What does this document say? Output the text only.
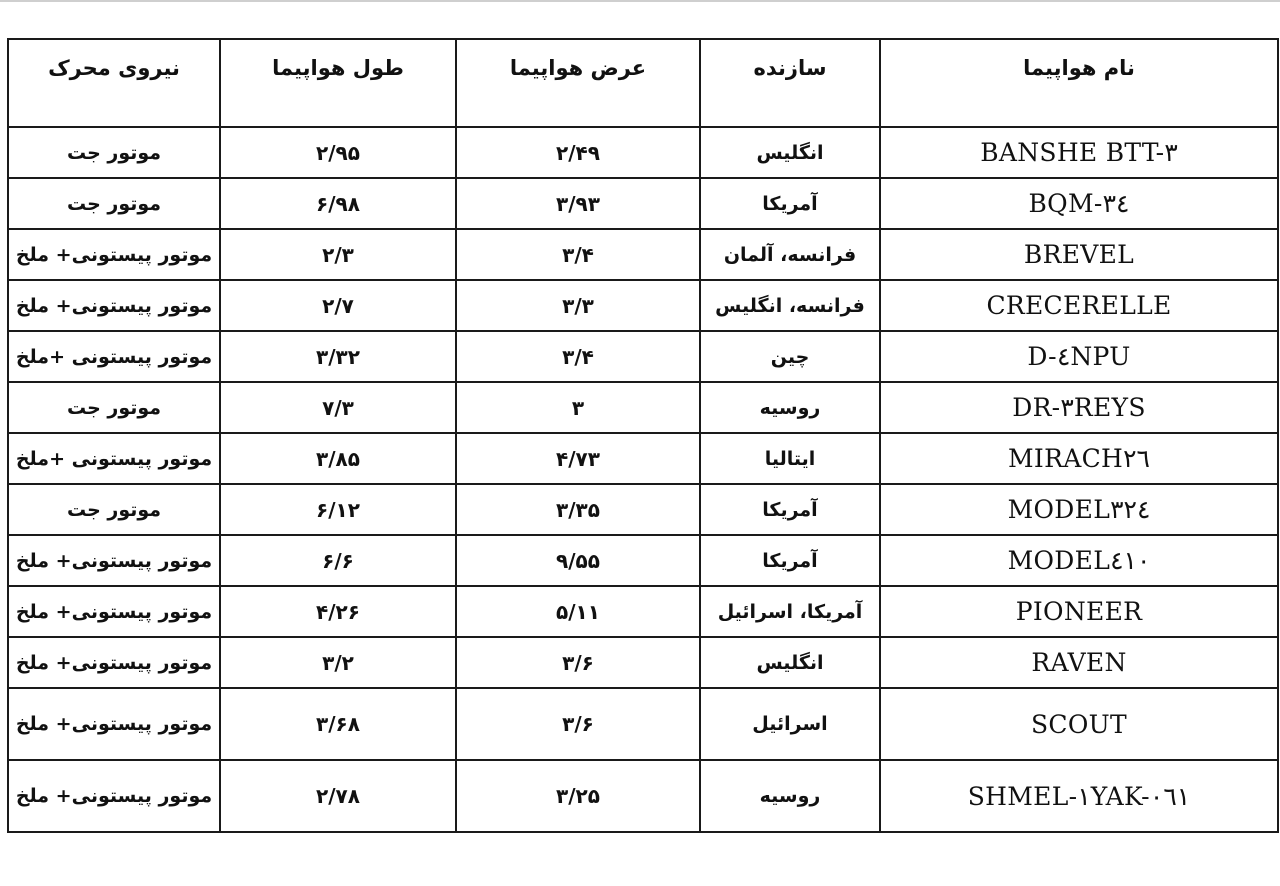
نیروی محرک	طول هواپیما	عرض هواپیما	سازنده	نام هواپیما
موتور جت	۲/۹۵	۲/۴۹	انگلیس	BANSHE BTT-۳
موتور جت	۶/۹۸	۳/۹۳	آمریکا	BQM-۳٤
موتور پیستونی+ ملخ	۲/۳	۳/۴	فرانسه، آلمان	BREVEL
موتور پیستونی+ ملخ	۲/۷	۳/۳	فرانسه، انگلیس	CRECERELLE
موتور پیستونی +ملخ	۳/۳۲	۳/۴	چین	D-٤NPU
موتور جت	۷/۳	۳	روسیه	DR-۳REYS
موتور پیستونی +ملخ	۳/۸۵	۴/۷۳	ایتالیا	MIRACH۲٦
موتور جت	۶/۱۲	۳/۳۵	آمریکا	MODEL۳۲٤
موتور پیستونی+ ملخ	۶/۶	۹/۵۵	آمریکا	MODEL٤۱۰
موتور پیستونی+ ملخ	۴/۲۶	۵/۱۱	آمریکا، اسرائیل	PIONEER
موتور پیستونی+ ملخ	۳/۲	۳/۶	انگلیس	RAVEN
موتور پیستونی+ ملخ	۳/۶۸	۳/۶	اسرائیل	SCOUT
موتور پیستونی+ ملخ	۲/۷۸	۳/۲۵	روسیه	SHMEL-۱YAK-۰٦۱
